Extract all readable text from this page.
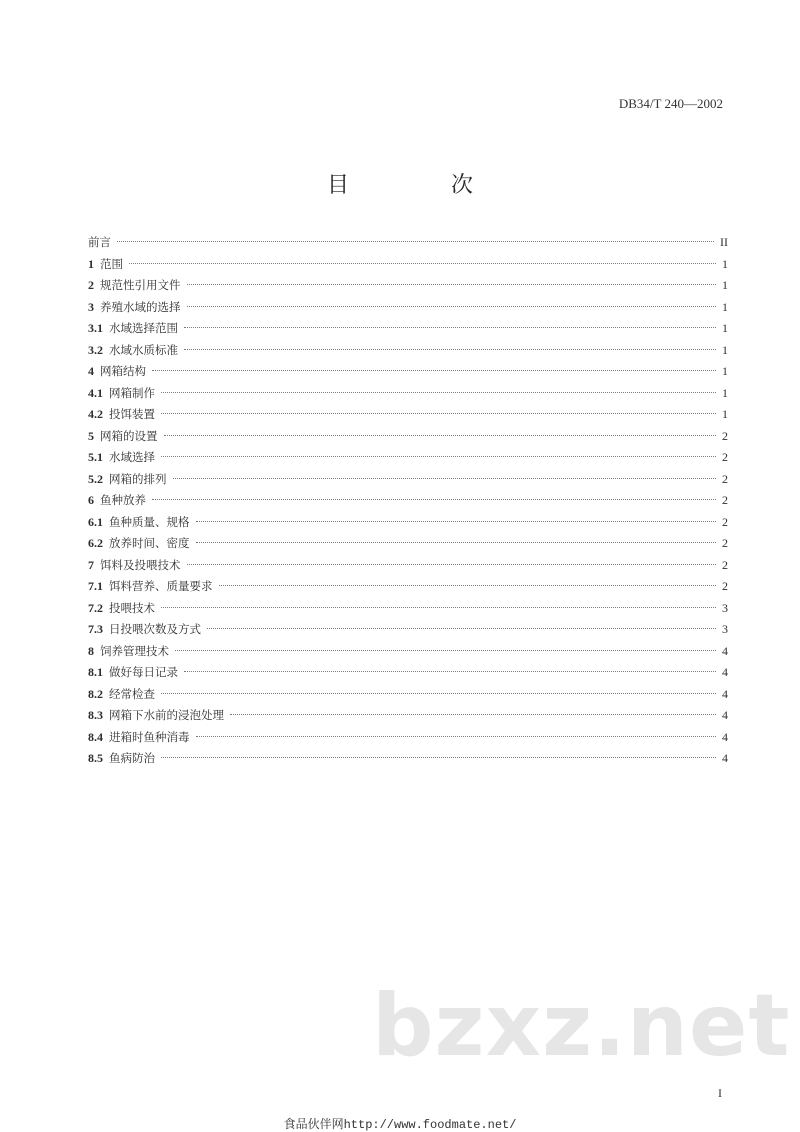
DB34/T 240—2002
目　次
前言	II
1 范围	1
2 规范性引用文件	1
3 养殖水域的选择	1
3.1 水域选择范围	1
3.2 水域水质标准	1
4 网箱结构	1
4.1 网箱制作	1
4.2 投饵装置	1
5 网箱的设置	2
5.1 水域选择	2
5.2 网箱的排列	2
6 鱼种放养	2
6.1 鱼种质量、规格	2
6.2 放养时间、密度	2
7 饵料及投喂技术	2
7.1 饵料营养、质量要求	2
7.2 投喂技术	3
7.3 日投喂次数及方式	3
8 饲养管理技术	4
8.1 做好每日记录	4
8.2 经常检查	4
8.3 网箱下水前的浸泡处理	4
8.4 进箱时鱼种消毒	4
8.5 鱼病防治	4
bzxz.net
I
食品伙伴网http://www.foodmate.net/
